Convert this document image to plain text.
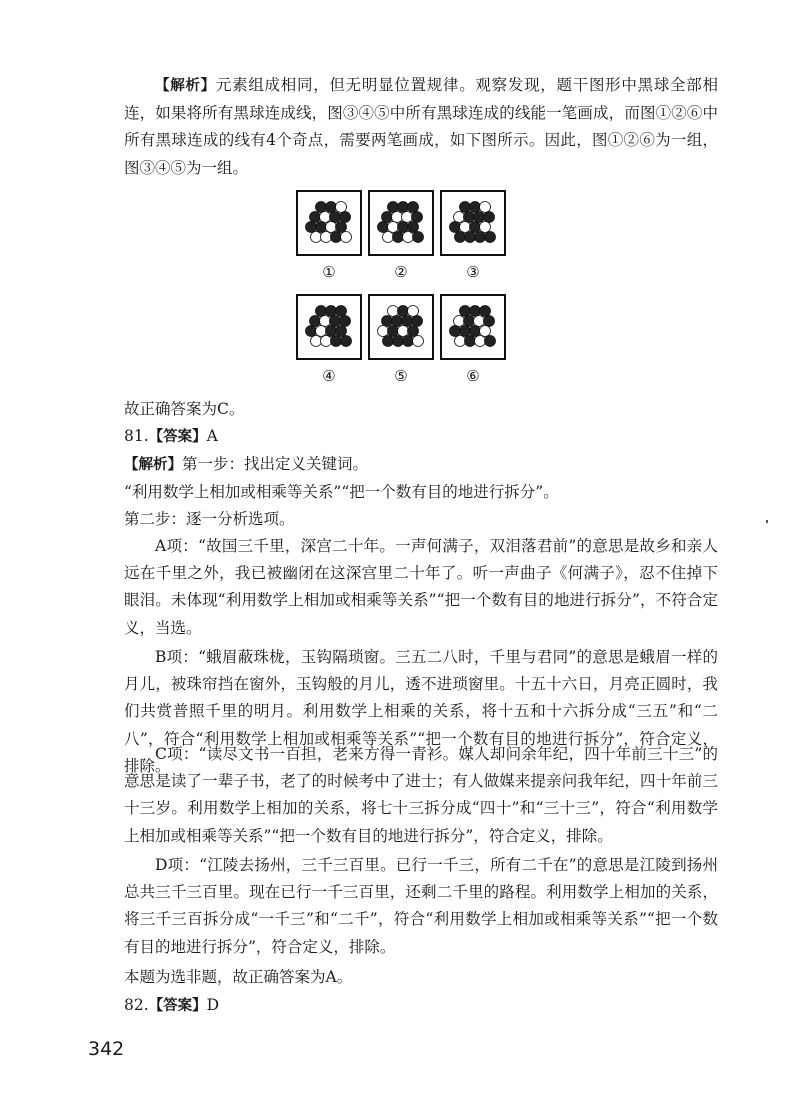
【解析】元素组成相同，但无明显位置规律。观察发现，题干图形中黑球全部相连，如果将所有黑球连成线，图③④⑤中所有黑球连成的线能一笔画成，而图①②⑥中所有黑球连成的线有4个奇点，需要两笔画成，如下图所示。因此，图①②⑥为一组，图③④⑤为一组。

①	②	③
④	⑤	⑥

故正确答案为C。

81.【答案】A

【解析】第一步：找出定义关键词。

“利用数学上相加或相乘等关系”“把一个数有目的地进行拆分”。

第二步：逐一分析选项。

A项：“故国三千里，深宫二十年。一声何满子，双泪落君前”的意思是故乡和亲人远在千里之外，我已被幽闭在这深宫里二十年了。听一声曲子《何满子》，忍不住掉下眼泪。未体现“利用数学上相加或相乘等关系”“把一个数有目的地进行拆分”，不符合定义，当选。

B项：“蛾眉蔽珠栊，玉钩隔琐窗。三五二八时，千里与君同”的意思是蛾眉一样的月儿，被珠帘挡在窗外，玉钩般的月儿，透不进琐窗里。十五十六日，月亮正圆时，我们共赏普照千里的明月。利用数学上相乘的关系，将十五和十六拆分成“三五”和“二八”，符合“利用数学上相加或相乘等关系”“把一个数有目的地进行拆分”，符合定义，排除。

C项：“读尽文书一百担，老来方得一青衫。媒人却问余年纪，四十年前三十三”的意思是读了一辈子书，老了的时候考中了进士；有人做媒来提亲问我年纪，四十年前三十三岁。利用数学上相加的关系，将七十三拆分成“四十”和“三十三”，符合“利用数学上相加或相乘等关系”“把一个数有目的地进行拆分”，符合定义，排除。

D项：“江陵去扬州，三千三百里。已行一千三，所有二千在”的意思是江陵到扬州总共三千三百里。现在已行一千三百里，还剩二千里的路程。利用数学上相加的关系，将三千三百拆分成“一千三”和“二千”，符合“利用数学上相加或相乘等关系”“把一个数有目的地进行拆分”，符合定义，排除。

本题为选非题，故正确答案为A。

82.【答案】D

342
